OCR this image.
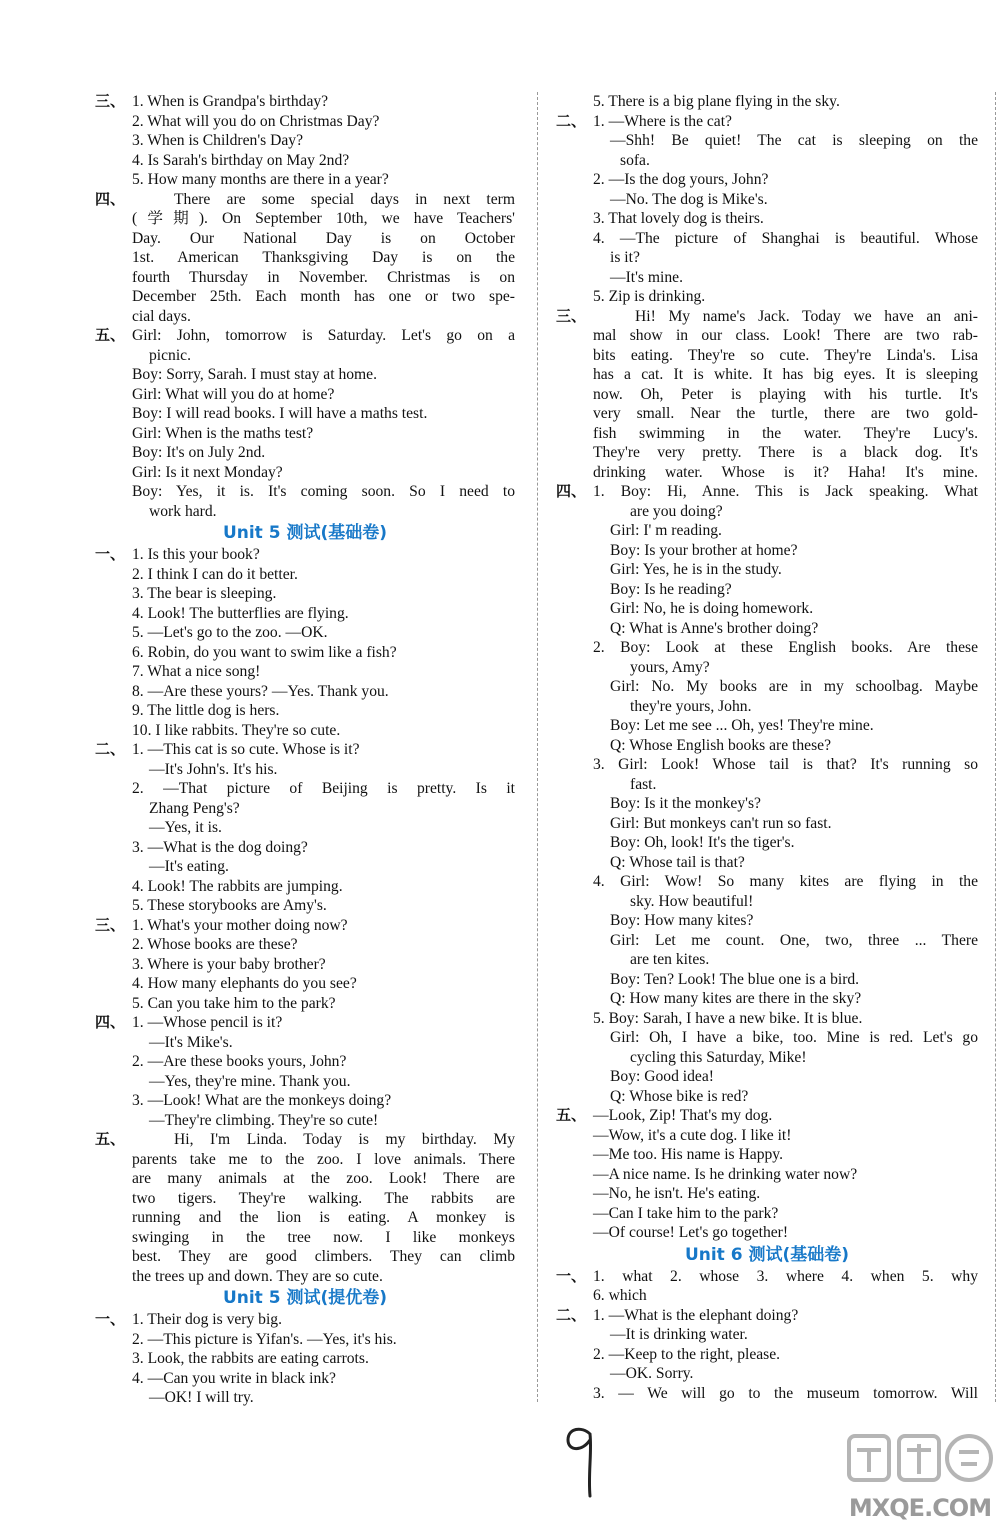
三、 1. When is Grandpa's birthday?
2. What will you do on Christmas Day?
3. When is Children's Day?
4. Is Sarah's birthday on May 2nd?
5. How many months are there in a year?
四、	There are some special days in next term
(学期). On September 10th, we have Teachers'
Day. Our National Day is on October
1st. American Thanksgiving Day is on the
fourth Thursday in November. Christmas is on
December 25th. Each month has one or two spe-
cial days.
五、 Girl: John, tomorrow is Saturday. Let's go on a
picnic.
Boy: Sorry, Sarah. I must stay at home.
Girl: What will you do at home?
Boy: I will read books. I will have a maths test.
Girl: When is the maths test?
Boy: It's on July 2nd.
Girl: Is it next Monday?
Boy: Yes, it is. It's coming soon. So I need to
work hard.
Unit 5 测试(基础卷)
一、 1. Is this your book?
2. I think I can do it better.
3. The bear is sleeping.
4. Look! The butterflies are flying.
5. —Let's go to the zoo. —OK.
6. Robin, do you want to swim like a fish?
7. What a nice song!
8. —Are these yours? —Yes. Thank you.
9. The little dog is hers.
10. I like rabbits. They're so cute.
二、 1. —This cat is so cute. Whose is it?
—It's John's. It's his.
2. —That picture of Beijing is pretty. Is it
Zhang Peng's?
—Yes, it is.
3. —What is the dog doing?
—It's eating.
4. Look! The rabbits are jumping.
5. These storybooks are Amy's.
三、 1. What's your mother doing now?
2. Whose books are these?
3. Where is your baby brother?
4. How many elephants do you see?
5. Can you take him to the park?
四、 1. —Whose pencil is it?
—It's Mike's.
2. —Are these books yours, John?
—Yes, they're mine. Thank you.
3. —Look! What are the monkeys doing?
—They're climbing. They're so cute!
五、	Hi, I'm Linda. Today is my birthday. My
parents take me to the zoo. I love animals. There
are many animals at the zoo. Look! There are
two tigers. They're walking. The rabbits are
running and the lion is eating. A monkey is
swinging in the tree now. I like monkeys
best. They are good climbers. They can climb
the trees up and down. They are so cute.
Unit 5 测试(提优卷)
一、 1. Their dog is very big.
2. —This picture is Yifan's. —Yes, it's his.
3. Look, the rabbits are eating carrots.
4. —Can you write in black ink?
—OK! I will try.
5. There is a big plane flying in the sky.
二、 1. —Where is the cat?
—Shh! Be quiet! The cat is sleeping on the
sofa.
2. —Is the dog yours, John?
—No. The dog is Mike's.
3. That lovely dog is theirs.
4. —The picture of Shanghai is beautiful. Whose
is it?
—It's mine.
5. Zip is drinking.
三、	Hi! My name's Jack. Today we have an ani-
mal show in our class. Look! There are two rab-
bits eating. They're so cute. They're Linda's. Lisa
has a cat. It is white. It has big eyes. It is sleeping
now. Oh, Peter is playing with his turtle. It's
very small. Near the turtle, there are two gold-
fish swimming in the water. They're Lucy's.
They're very pretty. There is a black dog. It's
drinking water. Whose is it? Haha! It's mine.
四、 1. Boy: Hi, Anne. This is Jack speaking. What
are you doing?
Girl: I' m reading.
Boy: Is your brother at home?
Girl: Yes, he is in the study.
Boy: Is he reading?
Girl: No, he is doing homework.
Q: What is Anne's brother doing?
2. Boy: Look at these English books. Are these
yours, Amy?
Girl: No. My books are in my schoolbag. Maybe
they're yours, John.
Boy: Let me see ... Oh, yes! They're mine.
Q: Whose English books are these?
3. Girl: Look! Whose tail is that? It's running so
fast.
Boy: Is it the monkey's?
Girl: But monkeys can't run so fast.
Boy: Oh, look! It's the tiger's.
Q: Whose tail is that?
4. Girl: Wow! So many kites are flying in the
sky. How beautiful!
Boy: How many kites?
Girl: Let me count. One, two, three ... There
are ten kites.
Boy: Ten? Look! The blue one is a bird.
Q: How many kites are there in the sky?
5. Boy: Sarah, I have a new bike. It is blue.
Girl: Oh, I have a bike, too. Mine is red. Let's go
cycling this Saturday, Mike!
Boy: Good idea!
Q: Whose bike is red?
五、 —Look, Zip! That's my dog.
—Wow, it's a cute dog. I like it!
—Me too. His name is Happy.
—A nice name. Is he drinking water now?
—No, he isn't. He's eating.
—Can I take him to the park?
—Of course! Let's go together!
Unit 6 测试(基础卷)
一、 1. what 2. whose 3. where 4. when 5. why
6. which
二、 1. —What is the elephant doing?
—It is drinking water.
2. —Keep to the right, please.
—OK. Sorry.
3. — We will go to the museum tomorrow. Will
MXQE.COM
